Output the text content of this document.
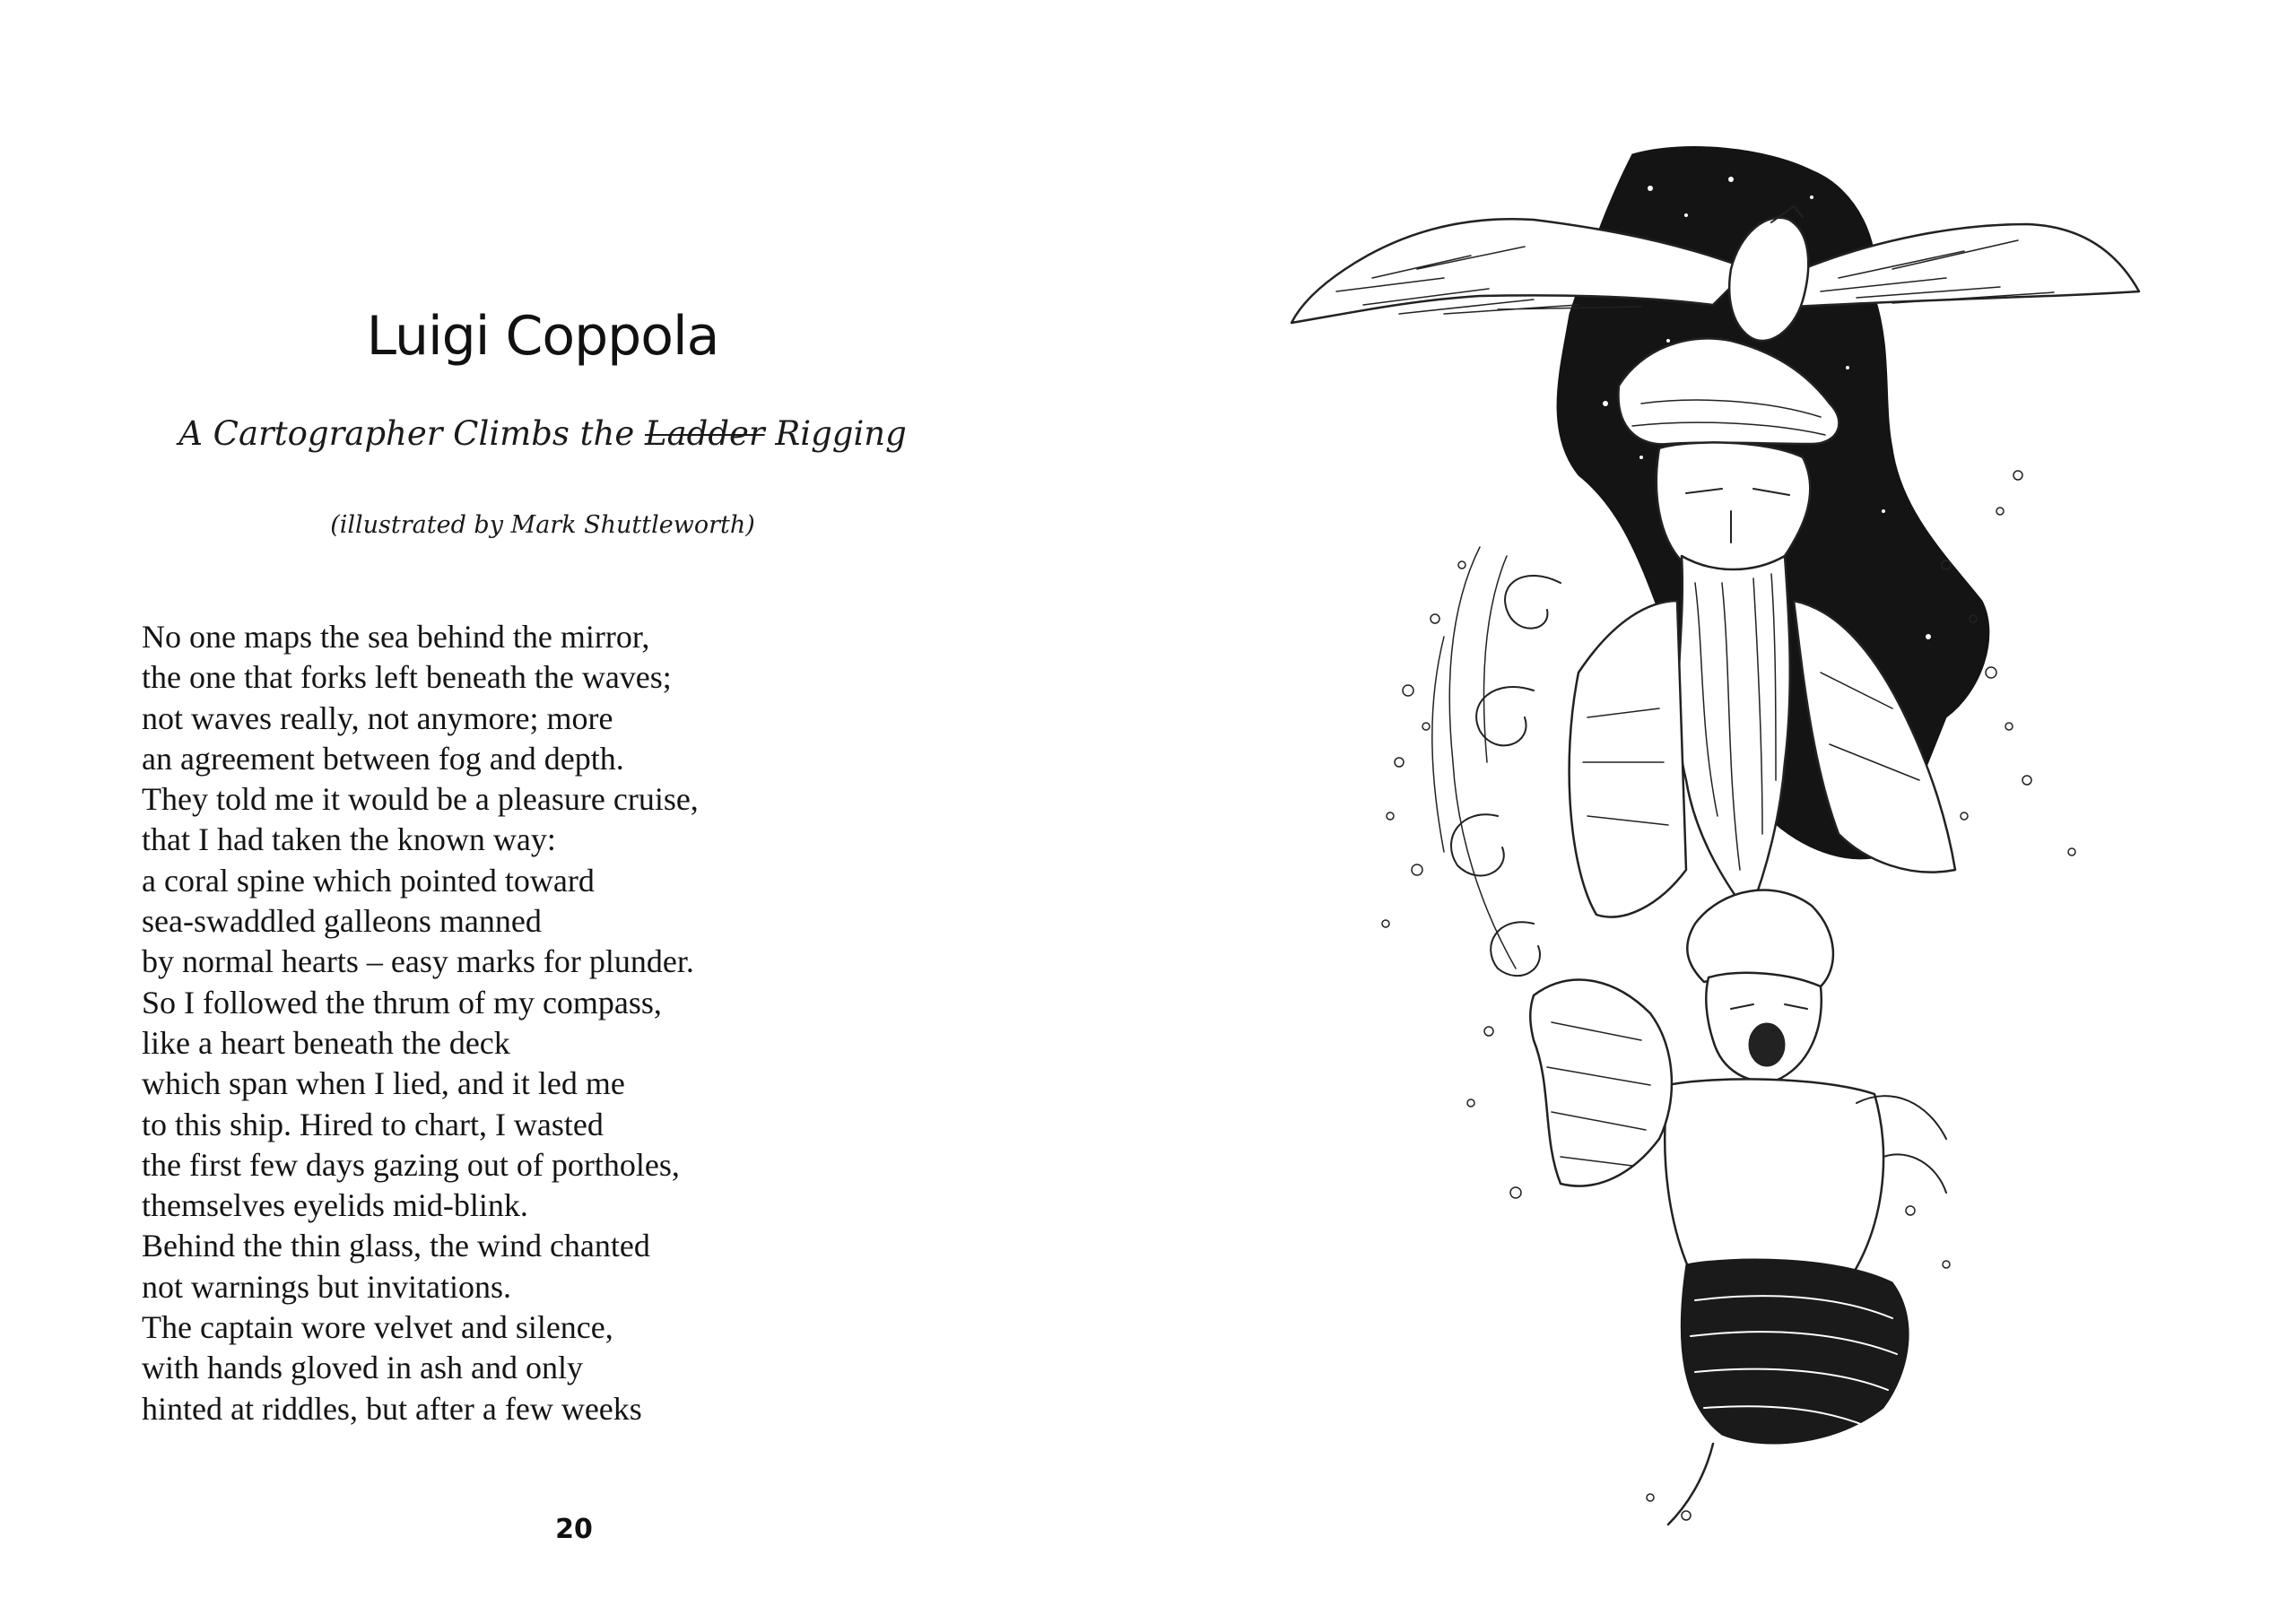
Luigi Coppola
A Cartographer Climbs the Ladder Rigging
(illustrated by Mark Shuttleworth)
No one maps the sea behind the mirror,
the one that forks left beneath the waves;
not waves really, not anymore; more
an agreement between fog and depth.
They told me it would be a pleasure cruise,
that I had taken the known way:
a coral spine which pointed toward
sea-swaddled galleons manned
by normal hearts – easy marks for plunder.
So I followed the thrum of my compass,
like a heart beneath the deck
which span when I lied, and it led me
to this ship. Hired to chart, I wasted
the first few days gazing out of portholes,
themselves eyelids mid-blink.
Behind the thin glass, the wind chanted
not warnings but invitations.
The captain wore velvet and silence,
with hands gloved in ash and only
hinted at riddles, but after a few weeks
20
